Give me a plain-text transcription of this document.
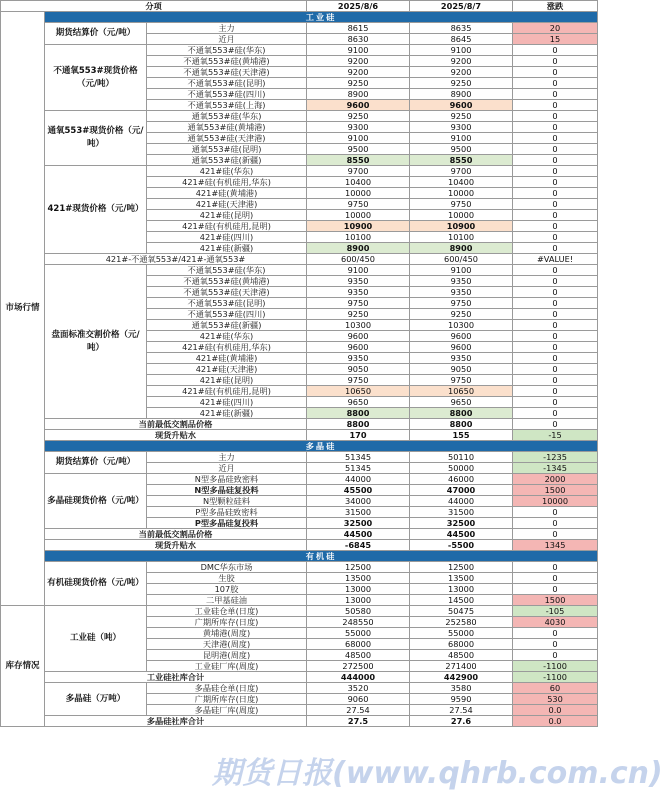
分项			2025/8/6	2025/8/7	涨跌
市场行情	工业硅				
	期货结算价（元/吨）	主力	8615	8635	20
		近月	8630	8645	15
	不通氧553#现货价格（元/吨）	不通氧553#硅(华东)	9100	9100	0
		不通氧553#硅(黄埔港)	9200	9200	0
		不通氧553#硅(天津港)	9200	9200	0
		不通氧553#硅(昆明)	9250	9250	0
		不通氧553#硅(四川)	8900	8900	0
		不通氧553#硅(上海)	9600	9600	0
	通氧553#现货价格（元/吨）	通氧553#硅(华东)	9250	9250	0
		通氧553#硅(黄埔港)	9300	9300	0
		通氧553#硅(天津港)	9100	9100	0
		通氧553#硅(昆明)	9500	9500	0
		通氧553#硅(新疆)	8550	8550	0
	421#现货价格（元/吨）	421#硅(华东)	9700	9700	0
		421#硅(有机硅用,华东)	10400	10400	0
		421#硅(黄埔港)	10000	10000	0
		421#硅(天津港)	9750	9750	0
		421#硅(昆明)	10000	10000	0
		421#硅(有机硅用,昆明)	10900	10900	0
		421#硅(四川)	10100	10100	0
		421#硅(新疆)	8900	8900	0
	421#-不通氧553#/421#-通氧553#		600/450	600/450	#VALUE!
	盘面标准交割价格（元/吨）	不通氧553#硅(华东)	9100	9100	0
		不通氧553#硅(黄埔港)	9350	9350	0
		不通氧553#硅(天津港)	9350	9350	0
		不通氧553#硅(昆明)	9750	9750	0
		不通氧553#硅(四川)	9250	9250	0
		通氧553#硅(新疆)	10300	10300	0
		421#硅(华东)	9600	9600	0
		421#硅(有机硅用,华东)	9600	9600	0
		421#硅(黄埔港)	9350	9350	0
		421#硅(天津港)	9050	9050	0
		421#硅(昆明)	9750	9750	0
		421#硅(有机硅用,昆明)	10650	10650	0
		421#硅(四川)	9650	9650	0
		421#硅(新疆)	8800	8800	0
	当前最低交割品价格		8800	8800	0
	现货升贴水		170	155	-15
	多晶硅				
	期货结算价（元/吨）	主力	51345	50110	-1235
		近月	51345	50000	-1345
	多晶硅现货价格（元/吨）	N型多晶硅致密料	44000	46000	2000
		N型多晶硅复投料	45500	47000	1500
		N型颗粒硅料	34000	44000	10000
		P型多晶硅致密料	31500	31500	0
		P型多晶硅复投料	32500	32500	0
	当前最低交割品价格		44500	44500	0
	现货升贴水		-6845	-5500	1345
	有机硅				
	有机硅现货价格（元/吨）	DMC华东市场	12500	12500	0
		生胶	13500	13500	0
		107胶	13000	13000	0
		二甲基硅油	13000	14500	1500
库存情况	工业硅（吨）	工业硅仓单(日度)	50580	50475	-105
		广期所库存(日度)	248550	252580	4030
		黄埔港(周度)	55000	55000	0
		天津港(周度)	68000	68000	0
		昆明港(周度)	48500	48500	0
		工业硅厂库(周度)	272500	271400	-1100
	工业硅社库合计		444000	442900	-1100
	多晶硅（万吨）	多晶硅仓单(日度)	3520	3580	60
		广期所库存(日度)	9060	9590	530
		多晶硅厂库(周度)	27.54	27.54	0.0
	多晶硅社库合计		27.5	27.6	0.0
期货日报(www.qhrb.com.cn)
